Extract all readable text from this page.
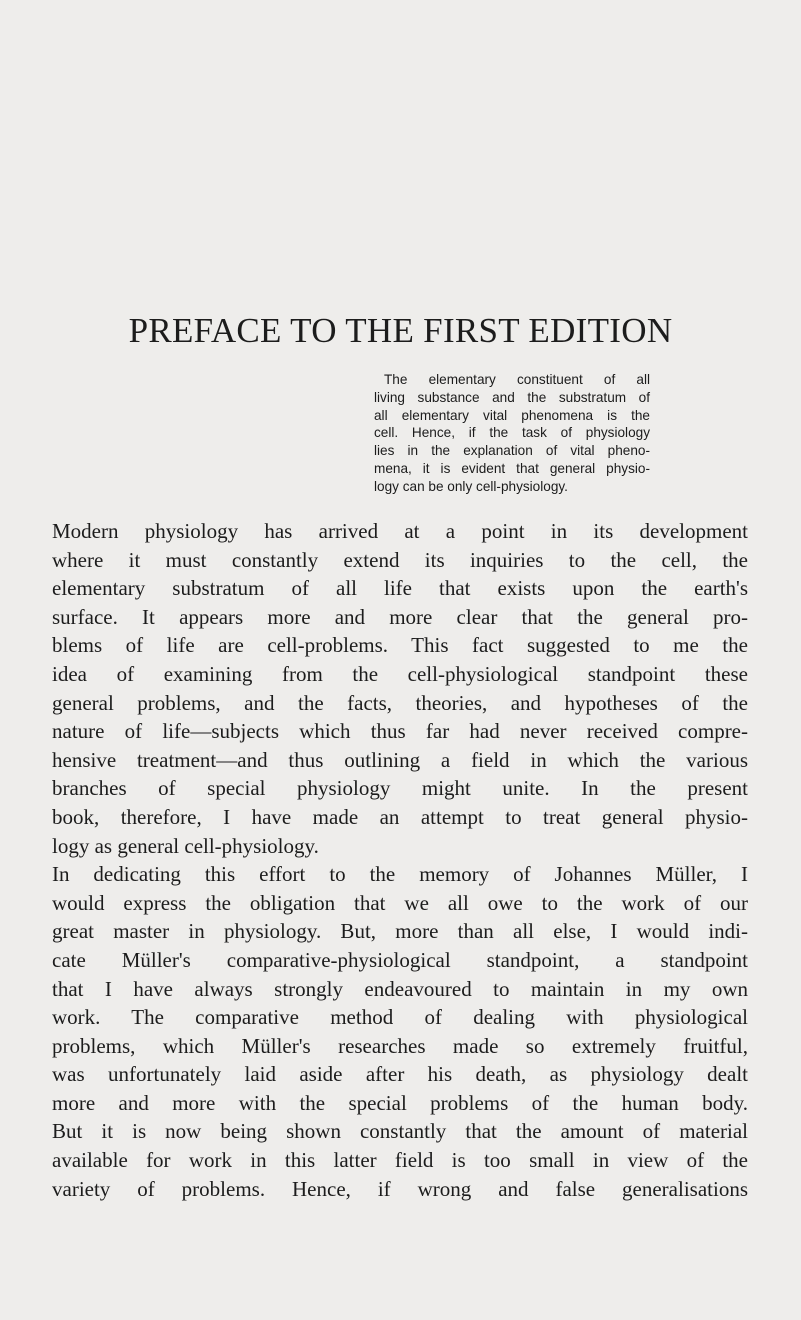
PREFACE TO THE FIRST EDITION
The elementary constituent of all
living substance and the substratum of
all elementary vital phenomena is the
cell. Hence, if the task of physiology
lies in the explanation of vital pheno-
mena, it is evident that general physio-
logy can be only cell-physiology.
Modern physiology has arrived at a point in its development
where it must constantly extend its inquiries to the cell, the
elementary substratum of all life that exists upon the earth's
surface. It appears more and more clear that the general pro-
blems of life are cell-problems. This fact suggested to me the
idea of examining from the cell-physiological standpoint these
general problems, and the facts, theories, and hypotheses of the
nature of life—subjects which thus far had never received compre-
hensive treatment—and thus outlining a field in which the various
branches of special physiology might unite. In the present
book, therefore, I have made an attempt to treat general physio-
logy as general cell-physiology.
In dedicating this effort to the memory of Johannes Müller, I
would express the obligation that we all owe to the work of our
great master in physiology. But, more than all else, I would indi-
cate Müller's comparative-physiological standpoint, a standpoint
that I have always strongly endeavoured to maintain in my own
work. The comparative method of dealing with physiological
problems, which Müller's researches made so extremely fruitful,
was unfortunately laid aside after his death, as physiology dealt
more and more with the special problems of the human body.
But it is now being shown constantly that the amount of material
available for work in this latter field is too small in view of the
variety of problems. Hence, if wrong and false generalisations
